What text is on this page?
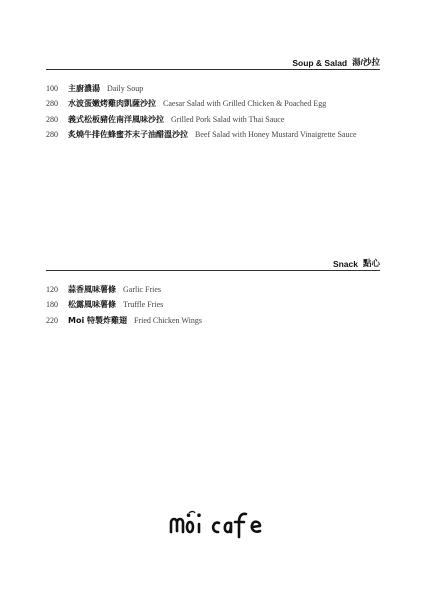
Soup & Salad 湯/沙拉
100	主廚濃湯 Daily Soup
280	水波蛋嫩烤雞肉凱薩沙拉 Caesar Salad with Grilled Chicken & Poached Egg
280	義式松板豬佐南洋風味沙拉 Grilled Pork Salad with Thai Sauce
280	炙燒牛排佐蜂蜜芥末子油醋溫沙拉 Beef Salad with Honey Mustard Vinaigrette Sauce
Snack 點心
120	蒜香風味薯條 Garlic Fries
180	松露風味薯條 Truffle Fries
220	Moi 特製炸雞翅 Fried Chicken Wings
